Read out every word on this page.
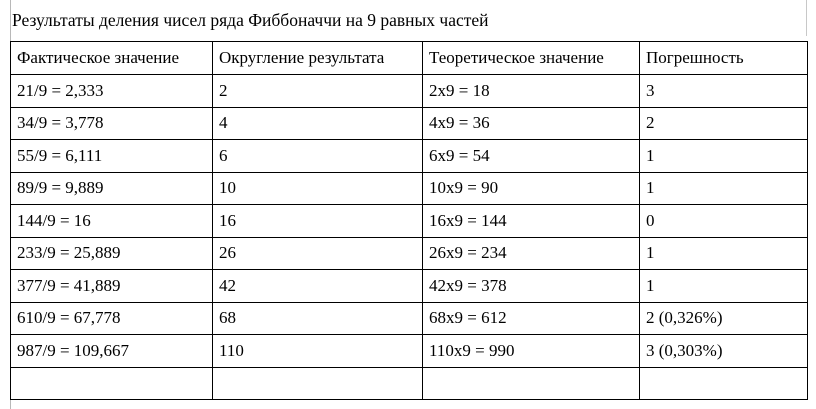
Результаты деления чисел ряда Фиббоначчи на 9 равных частей
Фактическое значение	Округление результата	Теоретическое значение	Погрешность
21/9 = 2,333	2	2x9 = 18	3
34/9 = 3,778	4	4x9 = 36	2
55/9 = 6,111	6	6x9 = 54	1
89/9 = 9,889	10	10x9 = 90	1
144/9 = 16	16	16x9 = 144	0
233/9 = 25,889	26	26x9 = 234	1
377/9 = 41,889	42	42x9 = 378	1
610/9 = 67,778	68	68x9 = 612	2 (0,326%)
987/9 = 109,667	110	110x9 = 990	3 (0,303%)
